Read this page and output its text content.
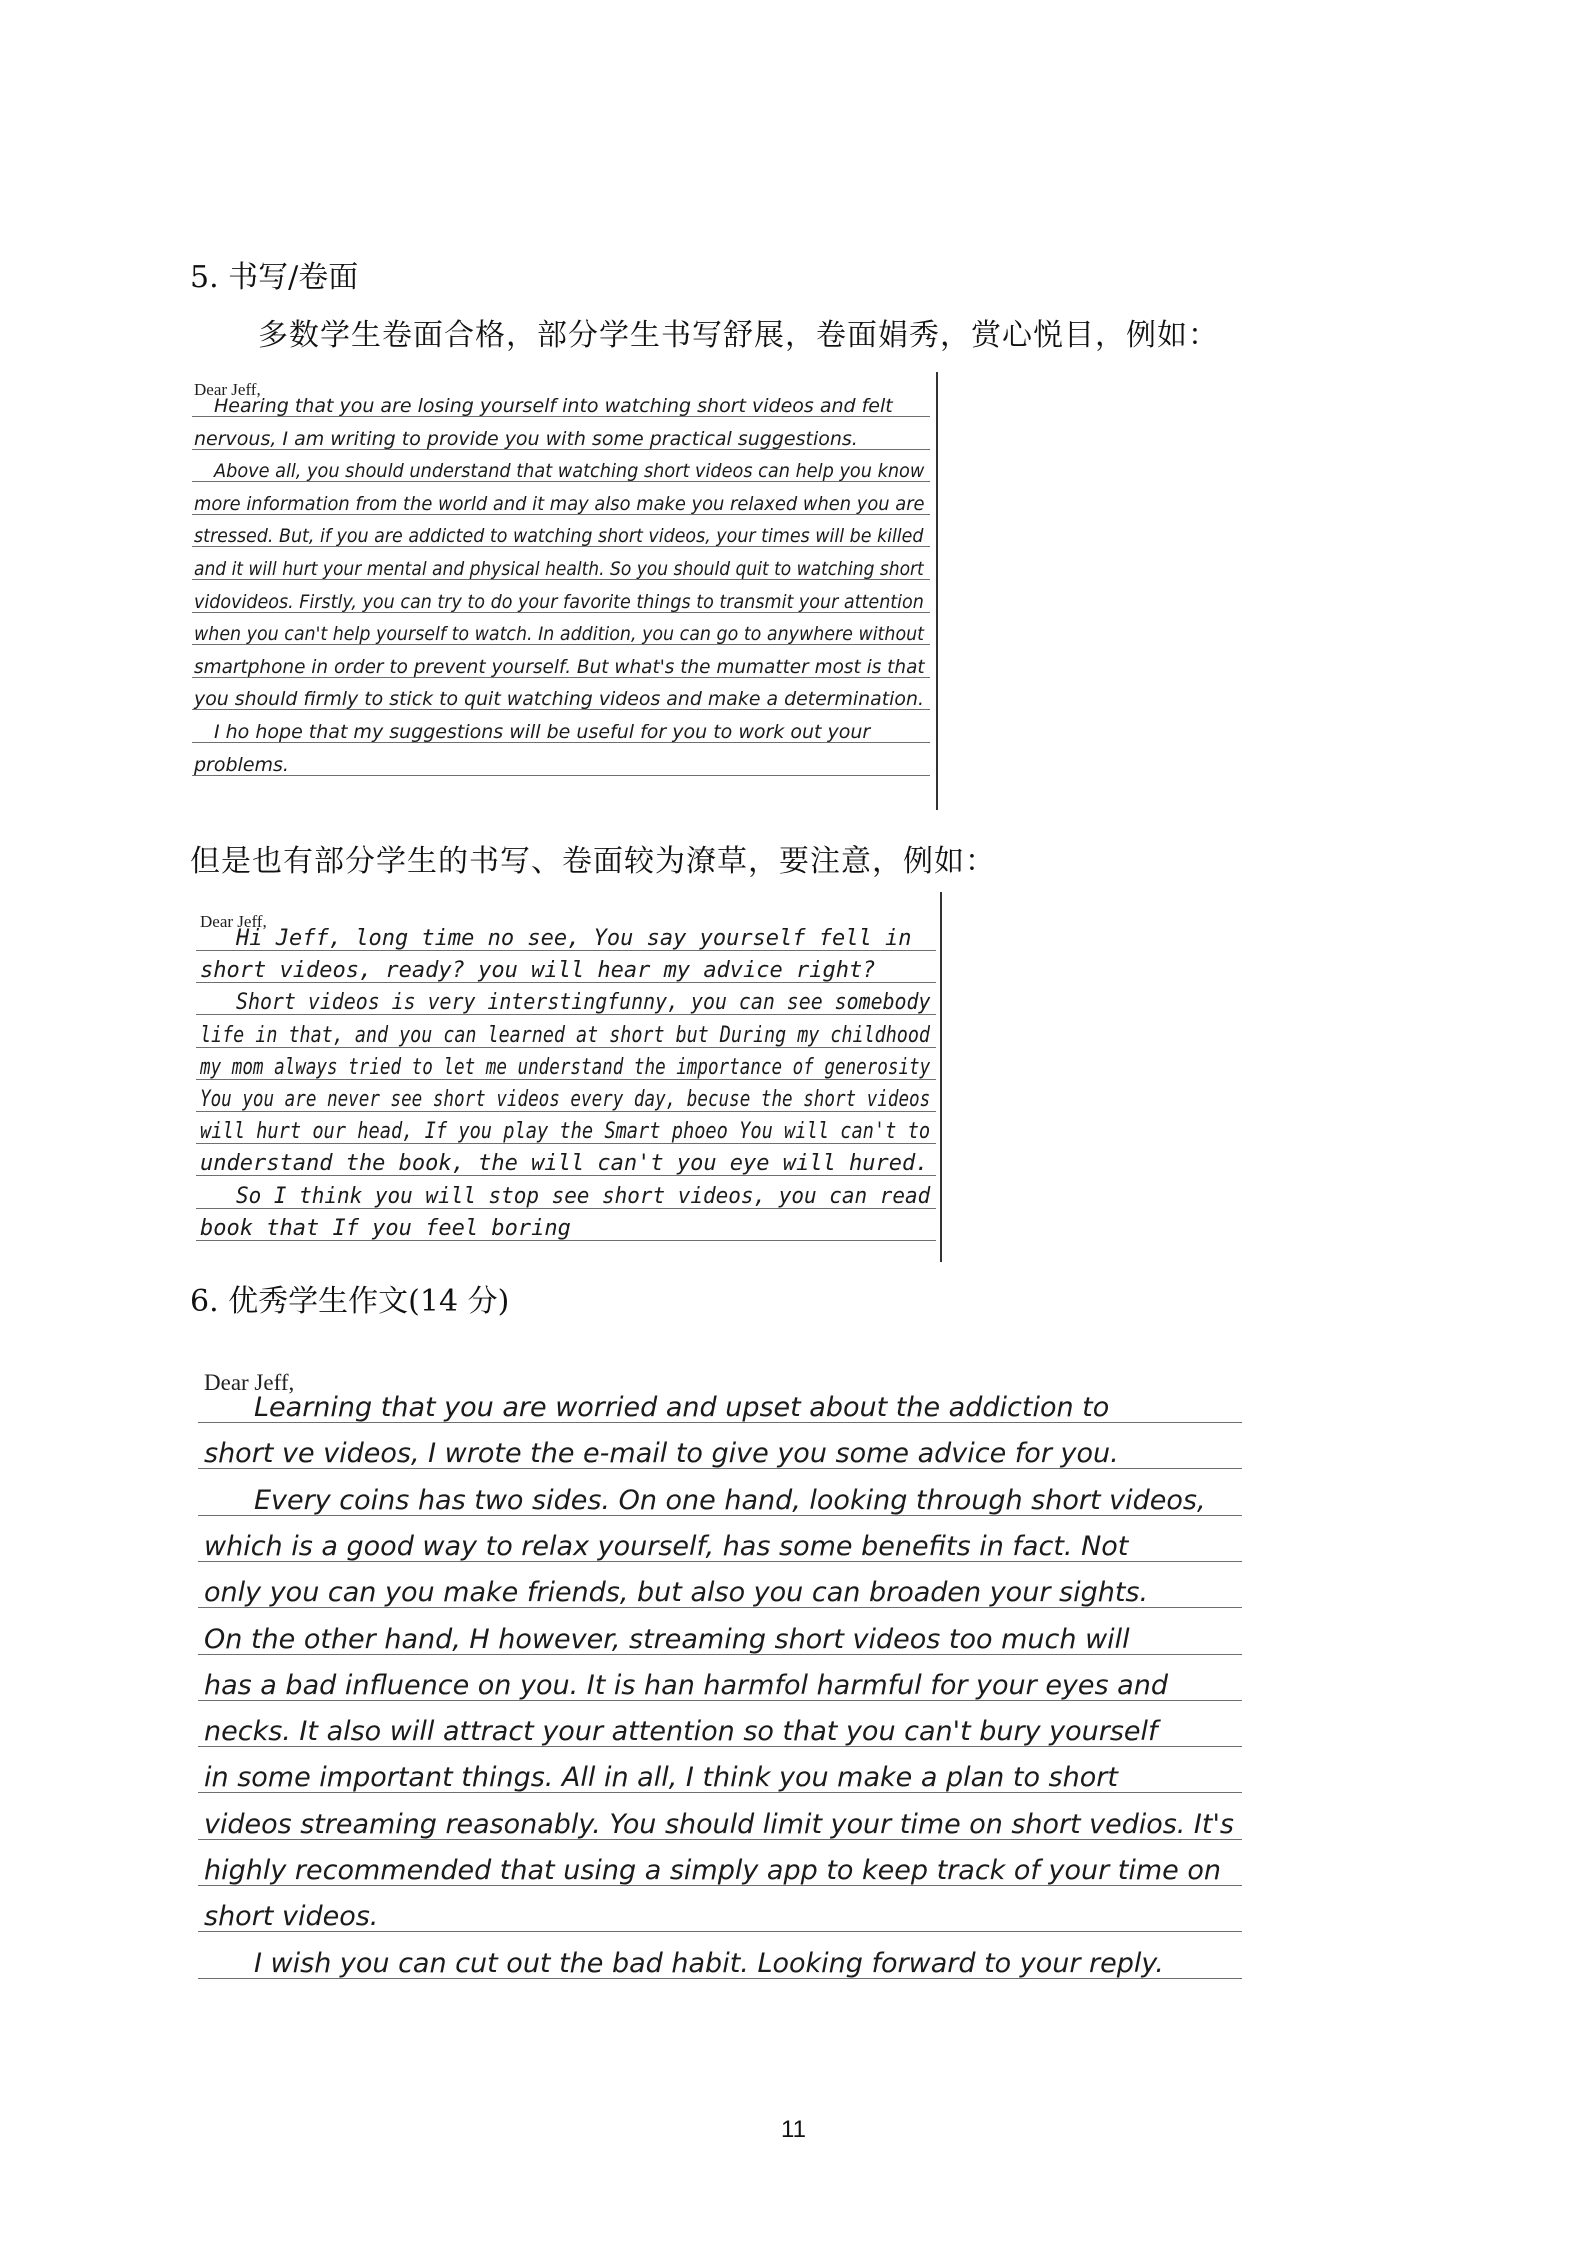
5. 书写/卷面
多数学生卷面合格，部分学生书写舒展，卷面娟秀，赏心悦目，例如：
Dear Jeff,
Hearing that you are losing yourself into watching short videos and felt
nervous, I am writing to provide you with some practical suggestions.
Above all, you should understand that watching short videos can help you know
more information from the world and it may also make you relaxed when you are
stressed. But, if you are addicted to watching short videos, your times will be killed
and it will hurt your mental and physical health. So you should quit to watching short
vidovideos. Firstly, you can try to do your favorite things to transmit your attention
when you can't help yourself to watch. In addition, you can go to anywhere without
smartphone in order to prevent yourself. But what's the mumatter most is that
you should firmly to stick to quit watching videos and make a determination.
I ho hope that my suggestions will be useful for you to work out your
problems.
但是也有部分学生的书写、卷面较为潦草，要注意，例如：
Dear Jeff,
Hi Jeff, long time no see, You say yourself fell in
short videos, ready? you will hear my advice right?
Short videos is very interstingfunny, you can see somebody
life in that, and you can learned at short but During my childhood
my mom always tried to let me understand the importance of generosity
You you are never see short videos every day, becuse the short videos
will hurt our head, If you play the Smart phoeo You will can't to
understand the book, the will can't you eye will hured.
So I think you will stop see short videos, you can read
book that If you feel boring
6. 优秀学生作文(14 分)
Dear Jeff,
Learning that you are worried and upset about the addiction to
short ve videos, I wrote the e-mail to give you some advice for you.
Every coins has two sides. On one hand, looking through short videos,
which is a good way to relax yourself, has some benefits in fact. Not
only you can you make friends, but also you can broaden your sights.
On the other hand, H however, streaming short videos too much will
has a bad influence on you. It is han harmfol harmful for your eyes and
necks. It also will attract your attention so that you can't bury yourself
in some important things. All in all, I think you make a plan to short
videos streaming reasonably. You should limit your time on short vedios. It's
highly recommended that using a simply app to keep track of your time on
short videos.
I wish you can cut out the bad habit. Looking forward to your reply.
11
